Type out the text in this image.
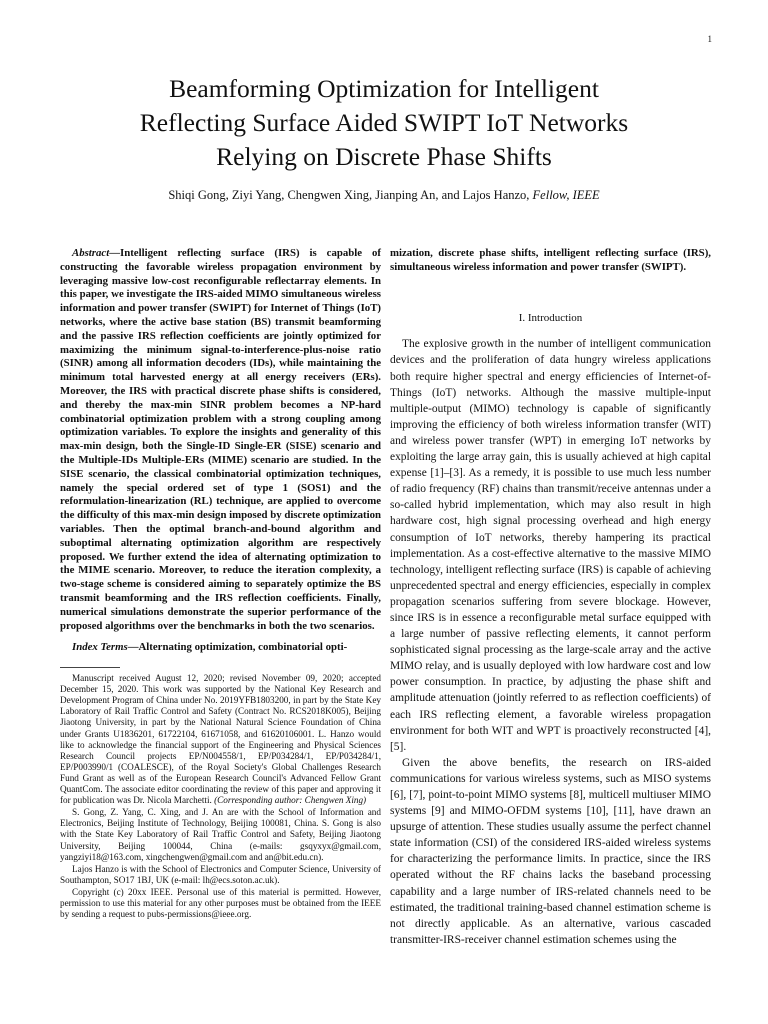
1
Beamforming Optimization for Intelligent
Reflecting Surface Aided SWIPT IoT Networks
Relying on Discrete Phase Shifts
Shiqi Gong, Ziyi Yang, Chengwen Xing, Jianping An, and Lajos Hanzo, Fellow, IEEE

Abstract—Intelligent reflecting surface (IRS) is capable of constructing the favorable wireless propagation environment by leveraging massive low-cost reconfigurable reflectarray elements. In this paper, we investigate the IRS-aided MIMO simultaneous wireless information and power transfer (SWIPT) for Internet of Things (IoT) networks, where the active base station (BS) transmit beamforming and the passive IRS reflection coefficients are jointly optimized for maximizing the minimum signal-to-interference-plus-noise ratio (SINR) among all information decoders (IDs), while maintaining the minimum total harvested energy at all energy receivers (ERs). Moreover, the IRS with practical discrete phase shifts is considered, and thereby the max-min SINR problem becomes a NP-hard combinatorial optimization problem with a strong coupling among optimization variables. To explore the insights and generality of this max-min design, both the Single-ID Single-ER (SISE) scenario and the Multiple-IDs Multiple-ERs (MIME) scenario are studied. In the SISE scenario, the classical combinatorial optimization techniques, namely the special ordered set of type 1 (SOS1) and the reformulation-linearization (RL) technique, are applied to overcome the difficulty of this max-min design imposed by discrete optimization variables. Then the optimal branch-and-bound algorithm and suboptimal alternating optimization algorithm are respectively proposed. We further extend the idea of alternating optimization to the MIME scenario. Moreover, to reduce the iteration complexity, a two-stage scheme is considered aiming to separately optimize the BS transmit beamforming and the IRS reflection coefficients. Finally, numerical simulations demonstrate the superior performance of the proposed algorithms over the benchmarks in both the two scenarios.

Index Terms—Alternating optimization, combinatorial opti-

Manuscript received August 12, 2020; revised November 09, 2020; accepted December 15, 2020. This work was supported by the National Key Research and Development Program of China under No. 2019YFB1803200, in part by the State Key Laboratory of Rail Traffic Control and Safety (Contract No. RCS2018K005), Beijing Jiaotong University, in part by the National Natural Science Foundation of China under Grants U1836201, 61722104, 61671058, and 61620106001. L. Hanzo would like to acknowledge the financial support of the Engineering and Physical Sciences Research Council projects EP/N004558/1, EP/P034284/1, EP/P034284/1, EP/P003990/1 (COALESCE), of the Royal Society's Global Challenges Research Fund Grant as well as of the European Research Council's Advanced Fellow Grant QuantCom. The associate editor coordinating the review of this paper and approving it for publication was Dr. Nicola Marchetti. (Corresponding author: Chengwen Xing)

S. Gong, Z. Yang, C. Xing, and J. An are with the School of Information and Electronics, Beijing Institute of Technology, Beijing 100081, China. S. Gong is also with the State Key Laboratory of Rail Traffic Control and Safety, Beijing Jiaotong University, Beijing 100044, China (e-mails: gsqyxyx@gmail.com, yangziyi18@163.com, xingchengwen@gmail.com and an@bit.edu.cn).

Lajos Hanzo is with the School of Electronics and Computer Science, University of Southampton, SO17 1BJ, UK (e-mail: lh@ecs.soton.ac.uk).

Copyright (c) 20xx IEEE. Personal use of this material is permitted. However, permission to use this material for any other purposes must be obtained from the IEEE by sending a request to pubs-permissions@ieee.org.

mization, discrete phase shifts, intelligent reflecting surface (IRS), simultaneous wireless information and power transfer (SWIPT).

I. Introduction

The explosive growth in the number of intelligent communication devices and the proliferation of data hungry wireless applications both require higher spectral and energy efficiencies of Internet-of-Things (IoT) networks. Although the massive multiple-input multiple-output (MIMO) technology is capable of significantly improving the efficiency of both wireless information transfer (WIT) and wireless power transfer (WPT) in emerging IoT networks by exploiting the large array gain, this is usually achieved at high capital expense [1]–[3]. As a remedy, it is possible to use much less number of radio frequency (RF) chains than transmit/receive antennas under a so-called hybrid implementation, which may also result in high hardware cost, high signal processing overhead and high energy consumption of IoT networks, thereby hampering its practical implementation. As a cost-effective alternative to the massive MIMO technology, intelligent reflecting surface (IRS) is capable of achieving unprecedented spectral and energy efficiencies, especially in complex propagation scenarios suffering from severe blockage. However, since IRS is in essence a reconfigurable metal surface equipped with a large number of passive reflecting elements, it cannot perform sophisticated signal processing as the large-scale array and the active MIMO relay, and is usually deployed with low hardware cost and low power consumption. In practice, by adjusting the phase shift and amplitude attenuation (jointly referred to as reflection coefficients) of each IRS reflecting element, a favorable wireless propagation environment for both WIT and WPT is proactively reconstructed [4], [5].

Given the above benefits, the research on IRS-aided communications for various wireless systems, such as MISO systems [6], [7], point-to-point MIMO systems [8], multicell multiuser MIMO systems [9] and MIMO-OFDM systems [10], [11], have drawn an upsurge of attention. These studies usually assume the perfect channel state information (CSI) of the considered IRS-aided wireless systems for characterizing the performance limits. In practice, since the IRS operated without the RF chains lacks the baseband processing capability and a large number of IRS-related channels need to be estimated, the traditional training-based channel estimation scheme is not directly applicable. As an alternative, various cascaded transmitter-IRS-receiver channel estimation schemes using the
